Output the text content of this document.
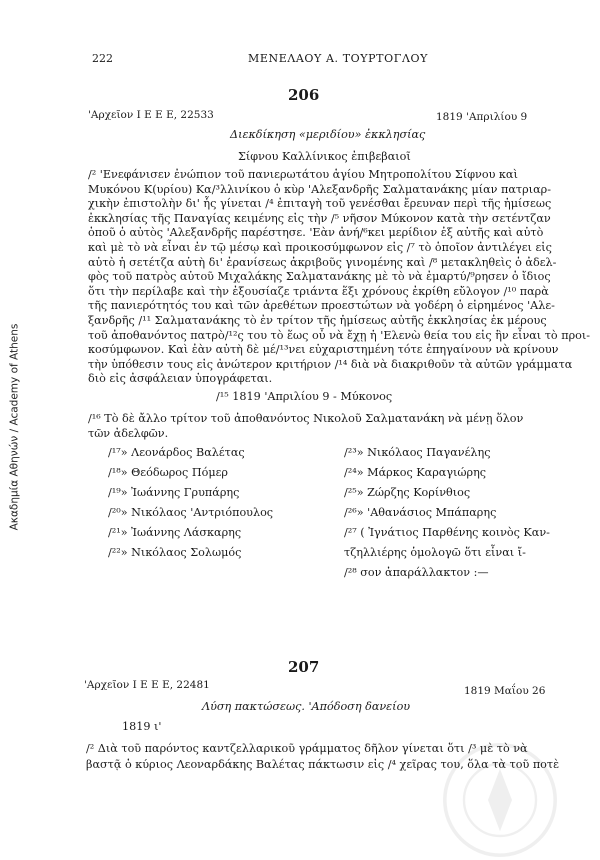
Ακαδημία Αθηνών / Academy of Athens
222	ΜΕΝΕΛΑΟΥ Α. ΤΟΥΡΤΟΓΛΟΥ
206
'Αρχεῖον Ι Ε Ε Ε, 22533	1819 'Απριλίου 9
Διεκδίκηση «μεριδίου» ἐκκλησίας
Σίφνου Καλλίνικος ἐπιβεβαιοῖ
/² 'Ενεφάνισεν ἐνώπιον τοῦ πανιερωτάτου ἁγίου Μητροπολίτου Σίφνου καὶ
Μυκόνου Κ(υρίου) Κα/³λλινίκου ὁ κὺρ 'Αλεξανδρῆς Σαλματανάκης μίαν πατριαρ-
χικὴν ἐπιστολὴν δι' ἧς γίνεται /⁴ ἐπιταγὴ τοῦ γενέσθαι ἔρευναν περὶ τῆς ἡμίσεως
ἐκκλησίας τῆς Παναγίας κειμένης εἰς τὴν /⁵ νῆσον Μύκονον κατὰ τὴν σετέντζαν
ὁποῦ ὁ αὐτὸς 'Αλεξανδρῆς παρέστησε. 'Εὰν ἀνή/⁶κει μερίδιον ἐξ αὐτῆς καὶ αὐτὸ
καὶ μὲ τὸ νὰ εἶναι ἐν τῷ μέσῳ καὶ προικοσύμφωνον εἰς /⁷ τὸ ὁποῖον ἀντιλέγει εἰς
αὐτὸ ἡ σετέτζα αὐτὴ δι' ἐρανίσεως ἀκριβοῦς γινομένης καὶ /⁸ μετακληθεὶς ὁ ἀδελ-
φὸς τοῦ πατρὸς αὐτοῦ Μιχαλάκης Σαλματανάκης μὲ τὸ νὰ ἐμαρτύ/⁹ρησεν ὁ ἴδιος
ὅτι τὴν περίλαβε καὶ τὴν ἐξουσίαζε τριάντα ἕξι χρόνους ἐκρίθη εὔλογον /¹⁰ παρὰ
τῆς πανιερότητός του καὶ τῶν ἀρεθέτων προεστώτων νὰ γοδέρη ὁ εἰρημένος 'Αλε-
ξανδρῆς /¹¹ Σαλματανάκης τὸ ἐν τρίτον τῆς ἡμίσεως αὐτῆς ἐκκλησίας ἐκ μέρους
τοῦ ἀποθανόντος πατρὸ/¹²ς του τὸ ἕως οὗ νὰ ἔχῃ ἡ 'Ελενὼ θεία του εἰς ἣν εἶναι τὸ προι-
κοσύμφωνον. Καὶ ἐὰν αὐτὴ δὲ μέ/¹³νει εὐχαριστημένη τότε ἐπηγαίνουν νὰ κρίνουν
τὴν ὑπόθεσιν τους εἰς ἀνώτερον κριτήριον /¹⁴ διὰ νὰ διακριθοῦν τὰ αὐτῶν γράμματα
διὸ εἰς ἀσφάλειαν ὑπογράφεται.
/¹⁵ 1819 'Απριλίου 9 - Μύκονος
/¹⁶ Τὸ δὲ ἄλλο τρίτον τοῦ ἀποθανόντος Νικολοῦ Σαλματανάκη νὰ μένῃ ὅλον
τῶν ἀδελφῶν.
/¹⁷» Λεονάρδος Βαλέτας
/¹⁸» Θεόδωρος Πόμερ
/¹⁹» Ἰωάννης Γρυπάρης
/²⁰» Νικόλαος 'Αντριόπουλος
/²¹» Ἰωάννης Λάσκαρης
/²²» Νικόλαος Σολωμός
/²³» Νικόλαος Παγανέλης
/²⁴» Μάρκος Καραγιώρης
/²⁵» Ζώρζης Κορίνθιος
/²⁶» 'Αθανάσιος Μπάπαρης
/²⁷ ( Ἰγνάτιος Παρθένης κοινὸς Καν-
τζηλλιέρης ὁμολογῶ ὅτι εἶναι ἴ-
/²⁸ σον ἀπαράλλακτον :—
207
'Αρχεῖον Ι Ε Ε Ε, 22481	1819 Μαΐου 26
Λύση πακτώσεως. 'Απόδοση δανείου
1819 ι'
/² Διὰ τοῦ παρόντος καντζελλαρικοῦ γράμματος δῆλον γίνεται ὅτι /³ μὲ τὸ νὰ
βαστᾷ ὁ κύριος Λεοναρδάκης Βαλέτας πάκτωσιν εἰς /⁴ χεῖρας του, ὅλα τὰ τοῦ ποτὲ
